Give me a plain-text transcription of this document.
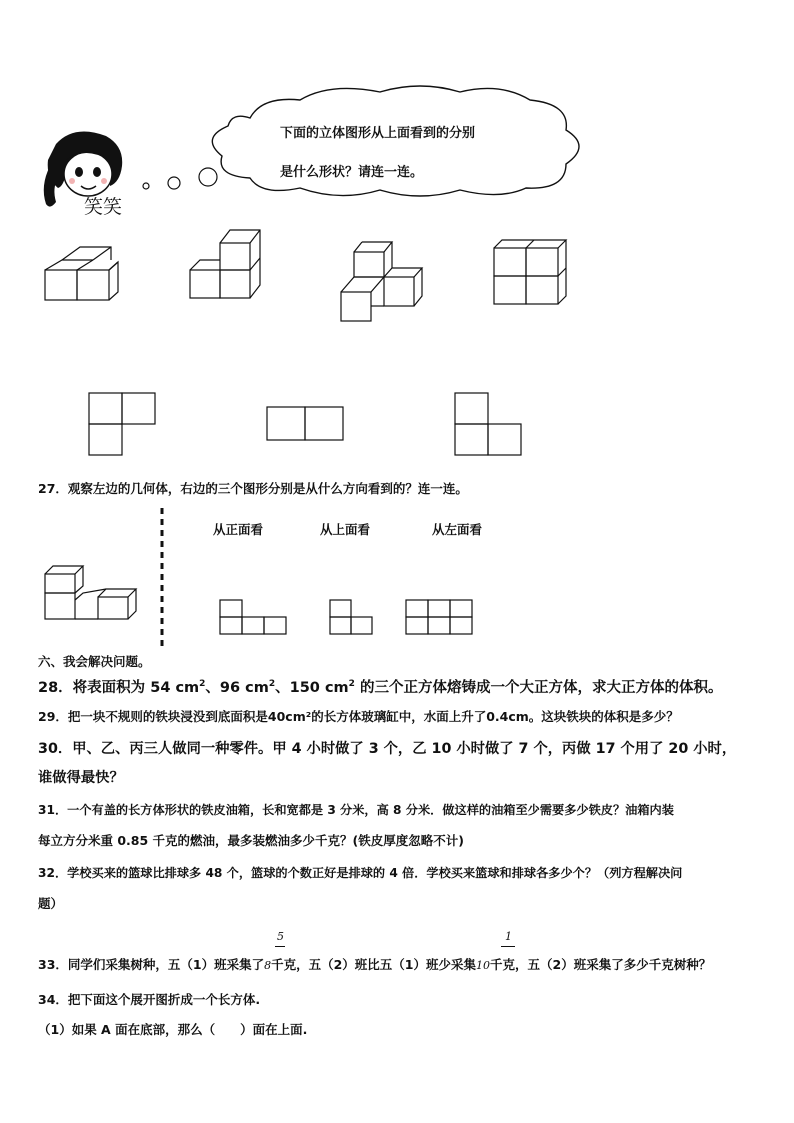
笑笑
下面的立体图形从上面看到的分别
是什么形状？请连一连。
27．观察左边的几何体，右边的三个图形分别是从什么方向看到的？连一连。
从正面看	从上面看	从左面看
六、我会解决问题。
28．将表面积为 54 $cm^2$、96 $cm^2$、150 $cm^2$ 的三个正方体熔铸成一个大正方体，求大正方体的体积。
29．把一块不规则的铁块浸没到底面积是40cm²的长方体玻璃缸中，水面上升了0.4cm。这块铁块的体积是多少？
30．甲、乙、丙三人做同一种零件。甲 4 小时做了 3 个，乙 10 小时做了 7 个，丙做 17 个用了 20 小时，
谁做得最快？
31．一个有盖的长方体形状的铁皮油箱，长和宽都是 3 分米，高 8 分米．做这样的油箱至少需要多少铁皮？油箱内装
每立方分米重 0.85 千克的燃油，最多装燃油多少千克？(铁皮厚度忽略不计)
32．学校买来的篮球比排球多 48 个，篮球的个数正好是排球的 4 倍．学校买来篮球和排球各多少个？（列方程解决问
题）
5	1
33．同学们采集树种，五（1）班采集了8千克，五（2）班比五（1）班少采集10千克，五（2）班采集了多少千克树种？
34．把下面这个展开图折成一个长方体.
（1）如果 A 面在底部，那么（　　）面在上面.
